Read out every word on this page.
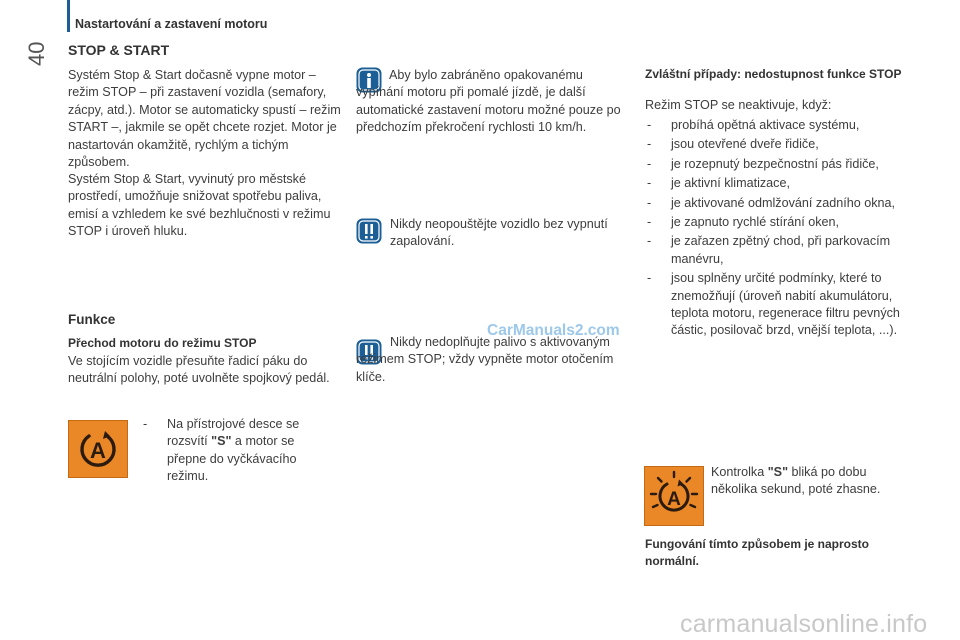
Nastartování a zastavení motoru
40 STOP & START

Systém Stop & Start dočasně vypne motor – režim STOP – při zastavení vozidla (semafory, zácpy, atd.). Motor se automaticky spustí – režim START –, jakmile se opět chcete rozjet. Motor je nastartován okamžitě, rychlým a tichým způsobem.

Systém Stop & Start, vyvinutý pro městské prostředí, umožňuje snižovat spotřebu paliva, emisí a vzhledem ke své bezhlučnosti v režimu STOP i úroveň hluku.

Funkce
Přechod motoru do režimu STOP

Ve stojícím vozidle přesuňte řadicí páku do neutrální polohy, poté uvolněte spojkový pedál.

A
- Na přístrojové desce se rozsvítí "S" a motor se přepne do vyčkávacího režimu.

Aby bylo zabráněno opakovanému vypínání motoru při pomalé jízdě, je další automatické zastavení motoru možné pouze po předchozím překročení rychlosti 10 km/h.

Nikdy neopouštějte vozidlo bez vypnutí zapalování.

Nikdy nedoplňujte palivo s aktivovaným režimem STOP; vždy vypněte motor otočením klíče.

CarManuals2.com
Zvláštní případy: nedostupnost funkce STOP

Režim STOP se neaktivuje, když:

- probíhá opětná aktivace systému,
- jsou otevřené dveře řidiče,
- je rozepnutý bezpečnostní pás řidiče,
- je aktivní klimatizace,
- je aktivované odmlžování zadního okna,
- je zapnuto rychlé stírání oken,
- je zařazen zpětný chod, při parkovacím manévru,
- jsou splněny určité podmínky, které to znemožňují (úroveň nabití akumulátoru, teplota motoru, regenerace filtru pevných částic, posilovač brzd, vnější teplota, ...).
A

Kontrolka "S" bliká po dobu několika sekund, poté zhasne.

Fungování tímto způsobem je naprosto normální.
carmanualsonline.info
